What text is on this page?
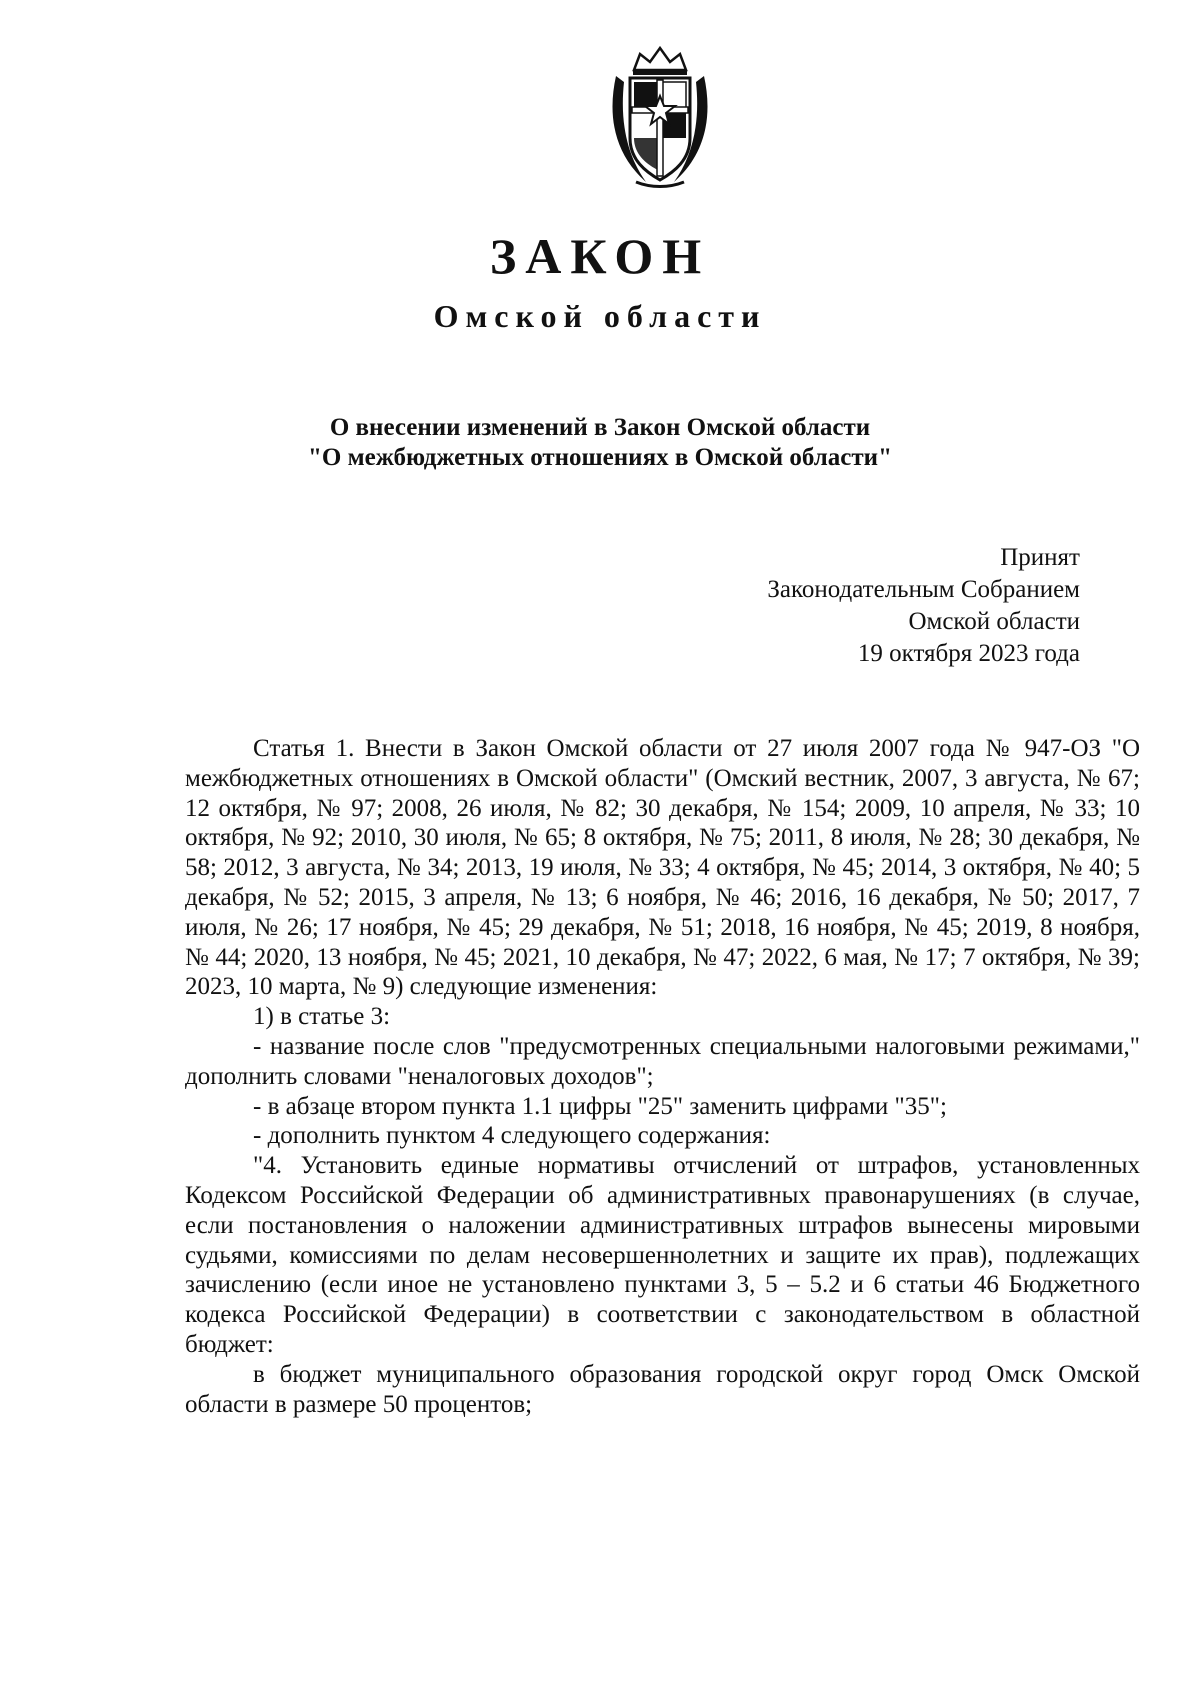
ЗАКОН
Омской области
О внесении изменений в Закон Омской области
"О межбюджетных отношениях в Омской области"
Принят
Законодательным Собранием
Омской области
19 октября 2023 года

Статья 1. Внести в Закон Омской области от 27 июля 2007 года № 947-ОЗ "О межбюджетных отношениях в Омской области" (Омский вестник, 2007, 3 августа, № 67; 12 октября, № 97; 2008, 26 июля, № 82; 30 декабря, № 154; 2009, 10 апреля, № 33; 10 октября, № 92; 2010, 30 июля, № 65; 8 октября, № 75; 2011, 8 июля, № 28; 30 декабря, № 58; 2012, 3 августа, № 34; 2013, 19 июля, № 33; 4 октября, № 45; 2014, 3 октября, № 40; 5 декабря, № 52; 2015, 3 апреля, № 13; 6 ноября, № 46; 2016, 16 декабря, № 50; 2017, 7 июля, № 26; 17 ноября, № 45; 29 декабря, № 51; 2018, 16 ноября, № 45; 2019, 8 ноября, № 44; 2020, 13 ноября, № 45; 2021, 10 декабря, № 47; 2022, 6 мая, № 17; 7 октября, № 39; 2023, 10 марта, № 9) следующие изменения:

1) в статье 3:

- название после слов "предусмотренных специальными налоговыми режимами," дополнить словами "неналоговых доходов";

- в абзаце втором пункта 1.1 цифры "25" заменить цифрами "35";

- дополнить пунктом 4 следующего содержания:

"4. Установить единые нормативы отчислений от штрафов, установленных Кодексом Российской Федерации об административных правонарушениях (в случае, если постановления о наложении административных штрафов вынесены мировыми судьями, комиссиями по делам несовершеннолетних и защите их прав), подлежащих зачислению (если иное не установлено пунктами 3, 5 – 5.2 и 6 статьи 46 Бюджетного кодекса Российской Федерации) в соответствии с законодательством в областной бюджет:

в бюджет муниципального образования городской округ город Омск Омской области в размере 50 процентов;
